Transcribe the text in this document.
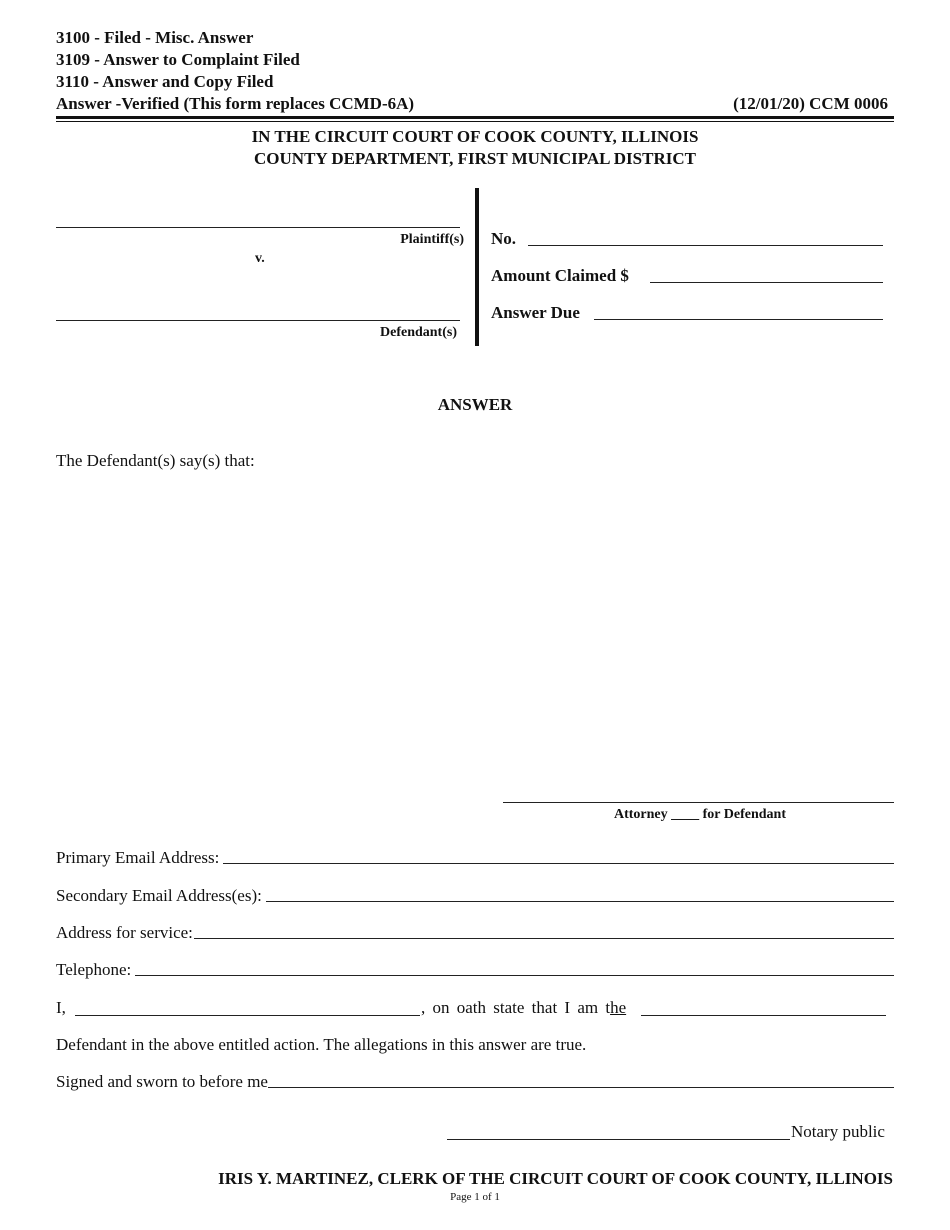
3100 - Filed - Misc. Answer
3109 - Answer to Complaint Filed
3110 - Answer and Copy Filed
Answer -Verified (This form replaces CCMD-6A)	(12/01/20) CCM 0006
IN THE CIRCUIT COURT OF COOK COUNTY, ILLINOIS
COUNTY DEPARTMENT, FIRST MUNICIPAL DISTRICT
Plaintiff(s)
v.
Defendant(s)
No.
Amount Claimed $
Answer Due
ANSWER
The Defendant(s) say(s) that:
Attorney ____ for Defendant
Primary Email Address:
Secondary Email Address(es):
Address for service:
Telephone:
I,	, on oath state that I am the
Defendant in the above entitled action. The allegations in this answer are true.
Signed and sworn to before me
Notary public
IRIS Y. MARTINEZ, CLERK OF THE CIRCUIT COURT OF COOK COUNTY, ILLINOIS
Page 1 of 1
